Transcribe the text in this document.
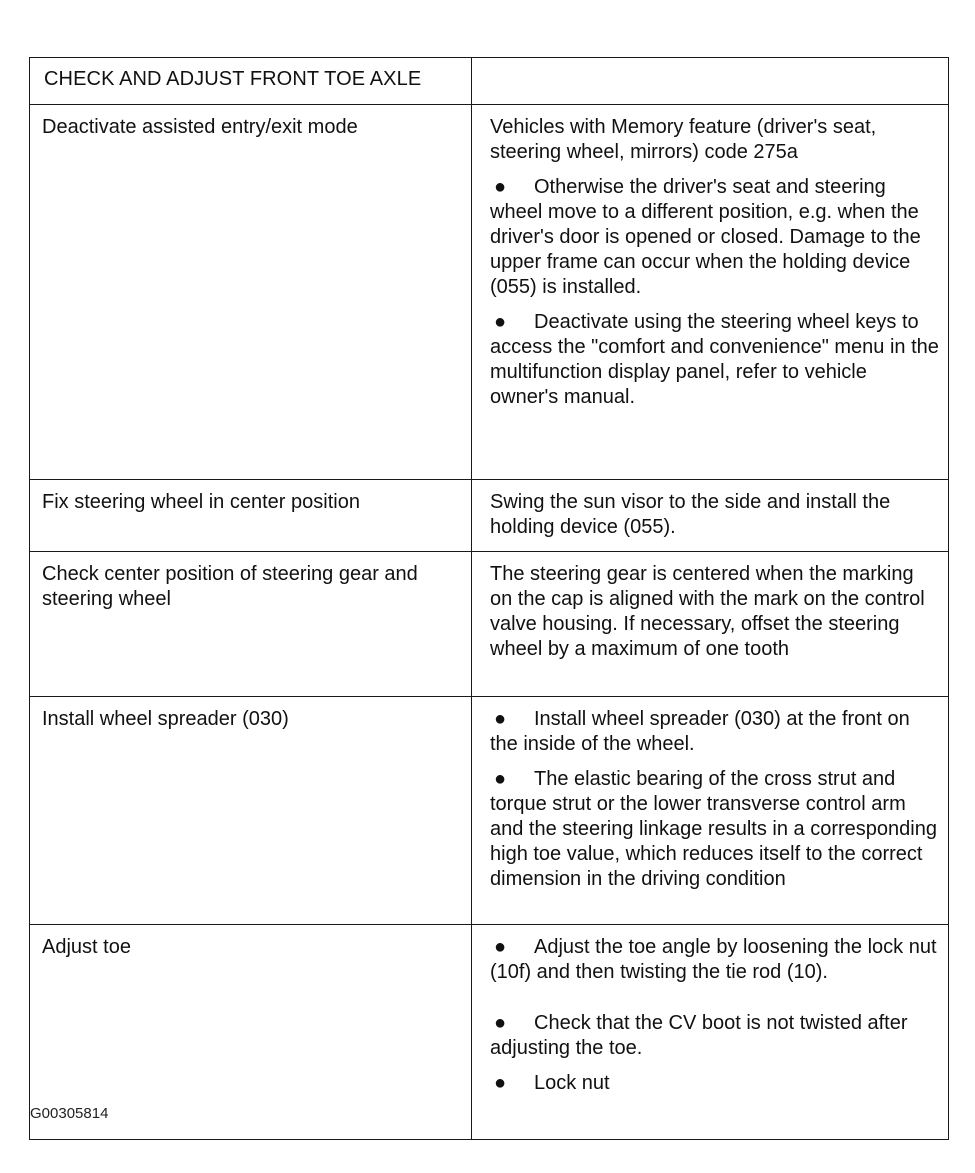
CHECK AND ADJUST FRONT TOE AXLE	
Deactivate assisted entry/exit mode	Vehicles with Memory feature (driver's seat, steering wheel, mirrors) code 275a

● Otherwise the driver's seat and steering wheel move to a different position, e.g. when the driver's door is opened or closed. Damage to the upper frame can occur when the holding device (055) is installed.

● Deactivate using the steering wheel keys to access the "comfort and convenience" menu in the multifunction display panel, refer to vehicle owner's manual.

Fix steering wheel in center position	Swing the sun visor to the side and install the holding device (055).

Check center position of steering gear and steering wheel	The steering gear is centered when the marking on the cap is aligned with the mark on the control valve housing. If necessary, offset the steering wheel by a maximum of one tooth

Install wheel spreader (030)	● Install wheel spreader (030) at the front on the inside of the wheel.

● The elastic bearing of the cross strut and torque strut or the lower transverse control arm and the steering linkage results in a corresponding high toe value, which reduces itself to the correct dimension in the driving condition

Adjust toe	● Adjust the toe angle by loosening the lock nut (10f) and then twisting the tie rod (10).

● Check that the CV boot is not twisted after adjusting the toe.

● Lock nut

G00305814
